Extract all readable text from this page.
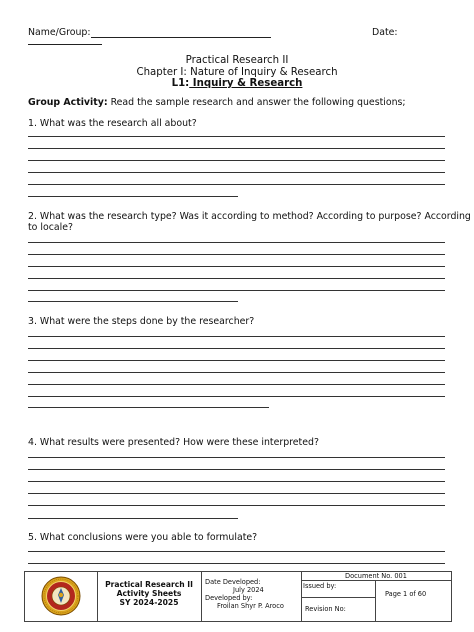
Name/Group:	Date:
Practical Research II
Chapter I: Nature of Inquiry & Research
L1: Inquiry & Research
Group Activity: Read the sample research and answer the following questions;
1. What was the research all about?
2. What was the research type? Was it according to method? According to purpose? According
to locale?
3. What were the steps done by the researcher?
4. What results were presented? How were these interpreted?
5. What conclusions were you able to formulate?
Practical Research II
Activity Sheets
SY 2024-2025
Date Developed:
July 2024
Developed by:
Froilan Shyr P. Aroco
Document No. 001
Issued by:
Revision No:
Page 1 of 60
